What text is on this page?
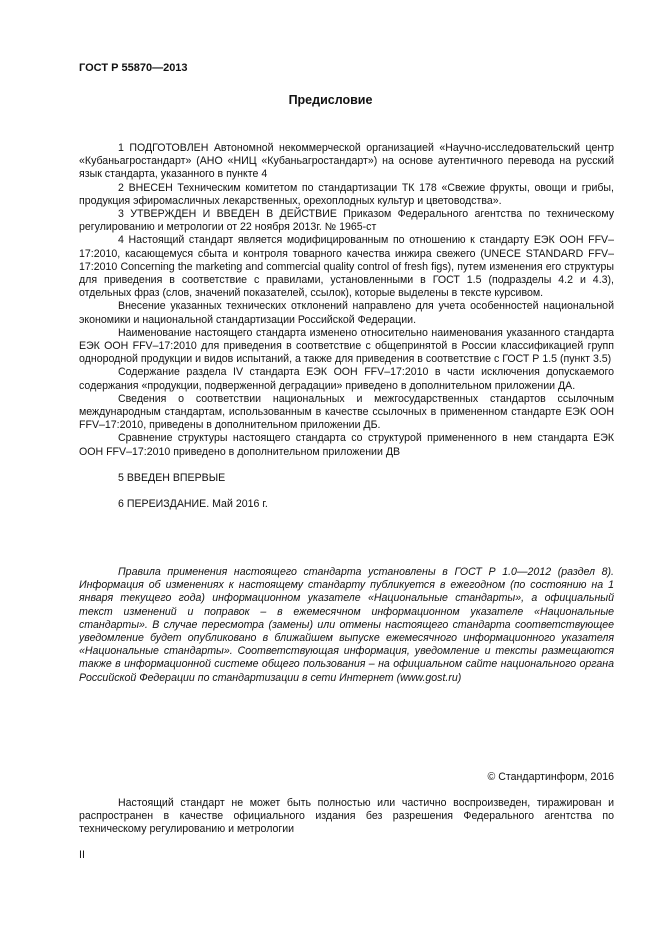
ГОСТ Р 55870—2013
Предисловие

1 ПОДГОТОВЛЕН Автономной некоммерческой организацией «Научно-исследовательский центр «Кубаньагростандарт» (АНО «НИЦ «Кубаньагростандарт») на основе аутентичного перевода на русский язык стандарта, указанного в пункте 4

2 ВНЕСЕН Техническим комитетом по стандартизации ТК 178 «Свежие фрукты, овощи и грибы, продукция эфиромасличных лекарственных, орехоплодных культур и цветоводства».

3 УТВЕРЖДЕН И ВВЕДЕН В ДЕЙСТВИЕ Приказом Федерального агентства по техническому регулированию и метрологии от 22 ноября 2013г. № 1965-ст

4 Настоящий стандарт является модифицированным по отношению к стандарту ЕЭК ООН FFV–17:2010, касающемуся сбыта и контроля товарного качества инжира свежего (UNECE STANDARD FFV–17:2010 Concerning the marketing and commercial quality control of fresh figs), путем изменения его структуры для приведения в соответствие с правилами, установленными в ГОСТ 1.5 (подразделы 4.2 и 4.3), отдельных фраз (слов, значений показателей, ссылок), которые выделены в тексте курсивом.

Внесение указанных технических отклонений направлено для учета особенностей национальной экономики и национальной стандартизации Российской Федерации.

Наименование настоящего стандарта изменено относительно наименования указанного стандарта ЕЭК ООН FFV–17:2010 для приведения в соответствие с общепринятой в России классификацией групп однородной продукции и видов испытаний, а также для приведения в соответствие с ГОСТ Р 1.5 (пункт 3.5)

Содержание раздела IV стандарта ЕЭК ООН FFV–17:2010 в части исключения допускаемого содержания «продукции, подверженной деградации» приведено в дополнительном приложении ДА.

Сведения о соответствии национальных и межгосударственных стандартов ссылочным международным стандартам, использованным в качестве ссылочных в примененном стандарте ЕЭК ООН FFV–17:2010, приведены в дополнительном приложении ДБ.

Сравнение структуры настоящего стандарта со структурой примененного в нем стандарта ЕЭК ООН FFV–17:2010 приведено в дополнительном приложении ДВ

5 ВВЕДЕН ВПЕРВЫЕ

6 ПЕРЕИЗДАНИЕ. Май 2016 г.

Правила применения настоящего стандарта установлены в ГОСТ Р 1.0—2012 (раздел 8). Информация об изменениях к настоящему стандарту публикуется в ежегодном (по состоянию на 1 января текущего года) информационном указателе «Национальные стандарты», а официальный текст изменений и поправок – в ежемесячном информационном указателе «Национальные стандарты». В случае пересмотра (замены) или отмены настоящего стандарта соответствующее уведомление будет опубликовано в ближайшем выпуске ежемесячного информационного указателя «Национальные стандарты». Соответствующая информация, уведомление и тексты размещаются также в информационной системе общего пользования – на официальном сайте национального органа Российской Федерации по стандартизации в сети Интернет (www.gost.ru)
© Стандартинформ, 2016
Настоящий стандарт не может быть полностью или частично воспроизведен, тиражирован и распространен в качестве официального издания без разрешения Федерального агентства по техническому регулированию и метрологии
II
